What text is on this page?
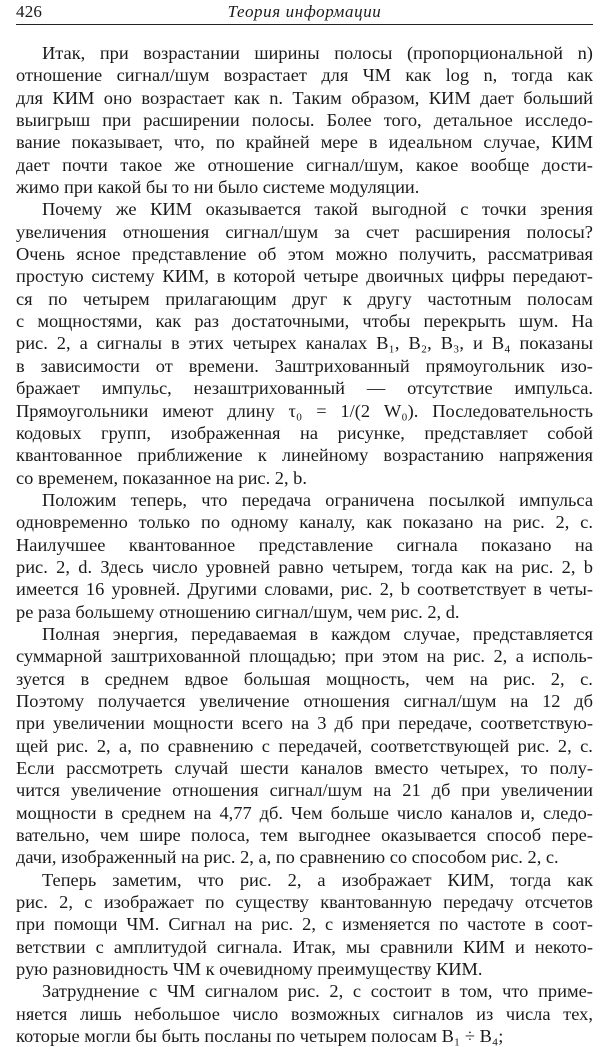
426	Теория информации
Итак, при возрастании ширины полосы (пропорциональной n)
отношение сигнал/шум возрастает для ЧМ как log n, тогда как
для КИМ оно возрастает как n. Таким образом, КИМ дает больший
выигрыш при расширении полосы. Более того, детальное исследо-
вание показывает, что, по крайней мере в идеальном случае, КИМ
дает почти такое же отношение сигнал/шум, какое вообще дости-
жимо при какой бы то ни было системе модуляции.
Почему же КИМ оказывается такой выгодной с точки зрения
увеличения отношения сигнал/шум за счет расширения полосы?
Очень ясное представление об этом можно получить, рассматривая
простую систему КИМ, в которой четыре двоичных цифры передают-
ся по четырем прилагающим друг к другу частотным полосам
с мощностями, как раз достаточными, чтобы перекрыть шум. На
рис. 2, a сигналы в этих четырех каналах B₁, B₂, B₃, и B₄ показаны
в зависимости от времени. Заштрихованный прямоугольник изо-
бражает импульс, незаштрихованный — отсутствие импульса.
Прямоугольники имеют длину τ₀ = 1/(2 W₀). Последовательность
кодовых групп, изображенная на рисунке, представляет собой
квантованное приближение к линейному возрастанию напряжения
со временем, показанное на рис. 2, b.
Положим теперь, что передача ограничена посылкой импульса
одновременно только по одному каналу, как показано на рис. 2, c.
Наилучшее квантованное представление сигнала показано на
рис. 2, d. Здесь число уровней равно четырем, тогда как на рис. 2, b
имеется 16 уровней. Другими словами, рис. 2, b соответствует в четы-
ре раза большему отношению сигнал/шум, чем рис. 2, d.
Полная энергия, передаваемая в каждом случае, представляется
суммарной заштрихованной площадью; при этом на рис. 2, a исполь-
зуется в среднем вдвое большая мощность, чем на рис. 2, c.
Поэтому получается увеличение отношения сигнал/шум на 12 дб
при увеличении мощности всего на 3 дб при передаче, соответствую-
щей рис. 2, a, по сравнению с передачей, соответствующей рис. 2, c.
Если рассмотреть случай шести каналов вместо четырех, то полу-
чится увеличение отношения сигнал/шум на 21 дб при увеличении
мощности в среднем на 4,77 дб. Чем больше число каналов и, следо-
вательно, чем шире полоса, тем выгоднее оказывается способ пере-
дачи, изображенный на рис. 2, a, по сравнению со способом рис. 2, c.
Теперь заметим, что рис. 2, a изображает КИМ, тогда как
рис. 2, c изображает по существу квантованную передачу отсчетов
при помощи ЧМ. Сигнал на рис. 2, c изменяется по частоте в соот-
ветствии с амплитудой сигнала. Итак, мы сравнили КИМ и некото-
рую разновидность ЧМ к очевидному преимуществу КИМ.
Затруднение с ЧМ сигналом рис. 2, c состоит в том, что приме-
няется лишь небольшое число возможных сигналов из числа тех,
которые могли бы быть посланы по четырем полосам B₁ ÷ B₄;
